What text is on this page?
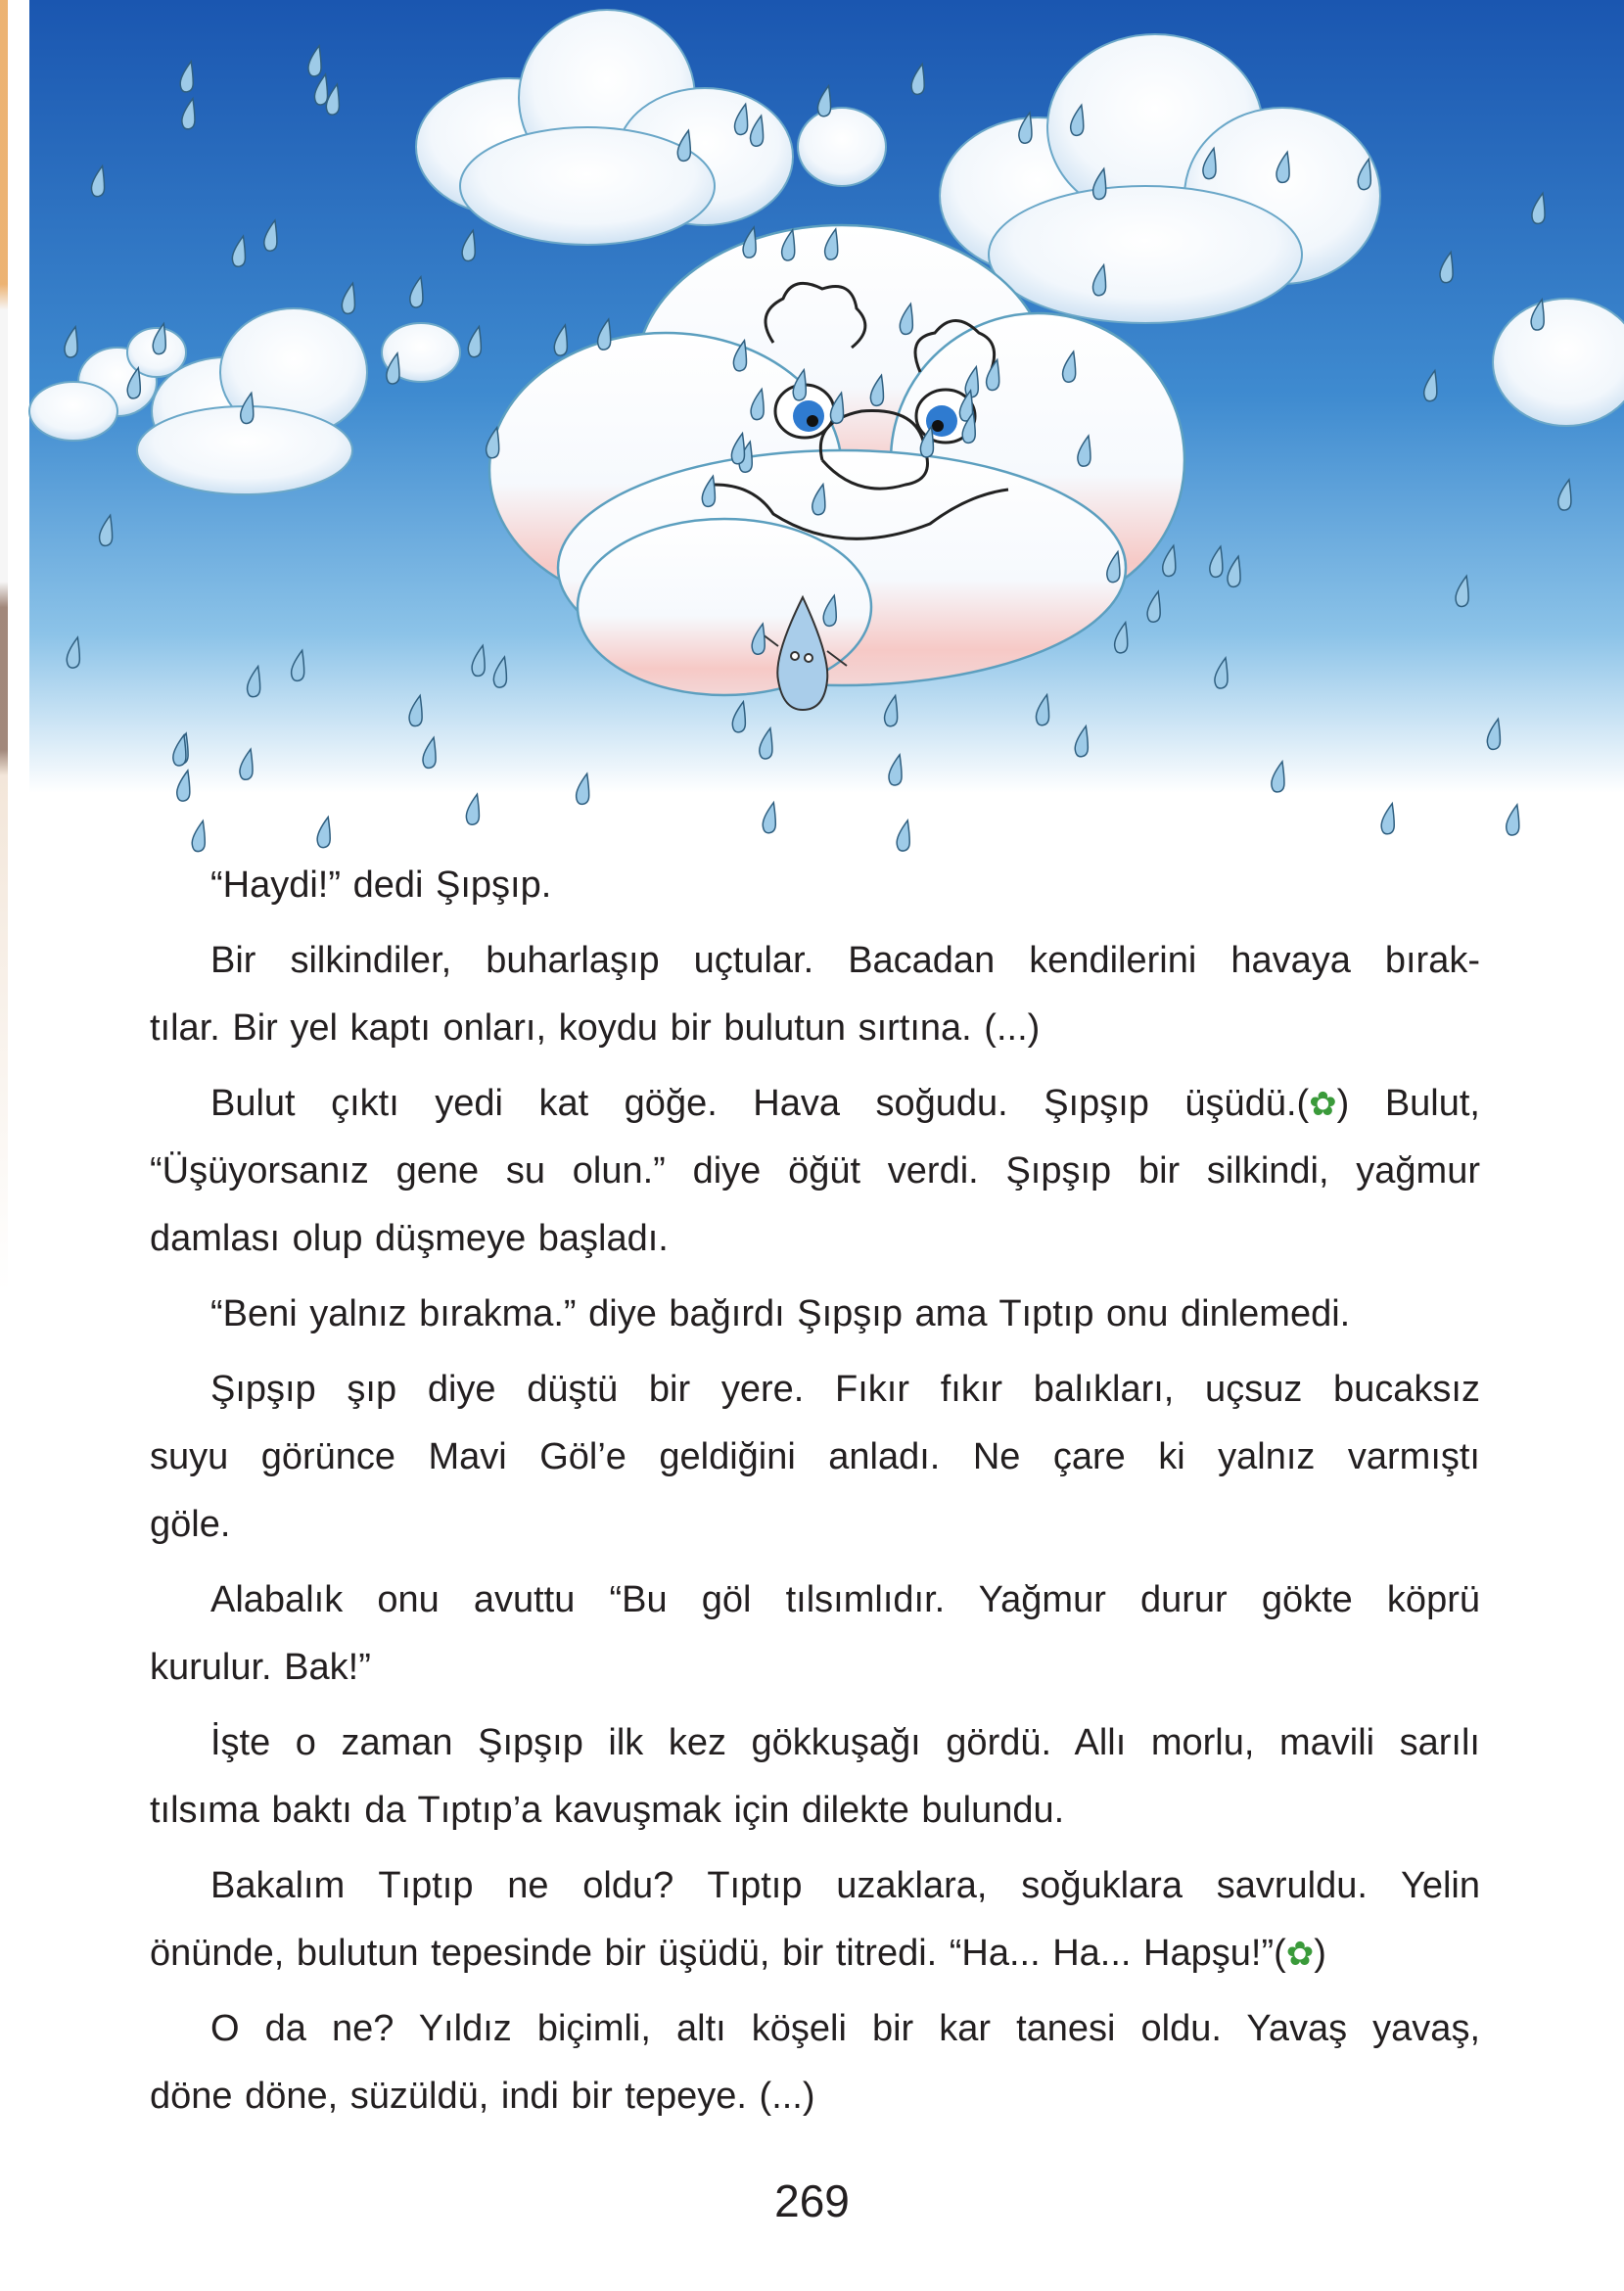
“Haydi!” dedi Şıpşıp.
Bir silkindiler, buharlaşıp uçtular. Bacadan kendilerini havaya bırak-
tılar. Bir yel kaptı onları, koydu bir bulutun sırtına. (...)
Bulut çıktı yedi kat göğe. Hava soğudu. Şıpşıp üşüdü.(✿) Bulut,
“Üşüyorsanız gene su olun.” diye öğüt verdi. Şıpşıp bir silkindi, yağmur
damlası olup düşmeye başladı.
“Beni yalnız bırakma.” diye bağırdı Şıpşıp ama Tıptıp onu dinlemedi.
Şıpşıp şıp diye düştü bir yere. Fıkır fıkır balıkları, uçsuz bucaksız
suyu görünce Mavi Göl’e geldiğini anladı. Ne çare ki yalnız varmıştı
göle.
Alabalık onu avuttu “Bu göl tılsımlıdır. Yağmur durur gökte köprü
kurulur. Bak!”
İşte o zaman Şıpşıp ilk kez gökkuşağı gördü. Allı morlu, mavili sarılı
tılsıma baktı da Tıptıp’a kavuşmak için dilekte bulundu.
Bakalım Tıptıp ne oldu? Tıptıp uzaklara, soğuklara savruldu. Yelin
önünde, bulutun tepesinde bir üşüdü, bir titredi. “Ha... Ha... Hapşu!”(✿)
O da ne? Yıldız biçimli, altı köşeli bir kar tanesi oldu. Yavaş yavaş,
döne döne, süzüldü, indi bir tepeye. (...)
269
